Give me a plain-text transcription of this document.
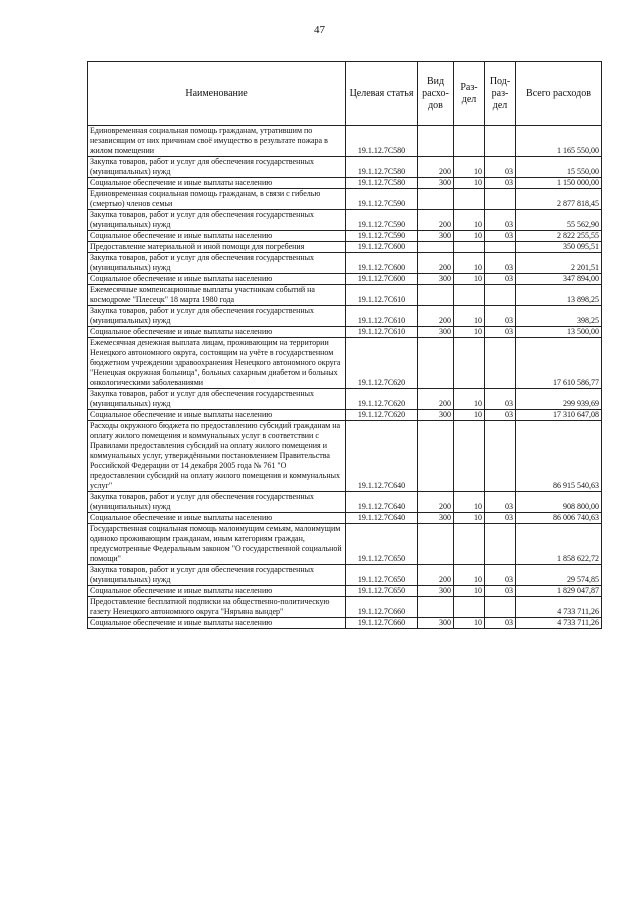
47
Наименование	Целевая статья	Вид расхо-дов	Раз-дел	Под-раз-дел	Всего расходов
Единовременная социальная помощь гражданам, утратившим по независящим от них причинам своё имущество в результате пожара в жилом помещении	19.1.12.7С580				1 165 550,00
Закупка товаров, работ и услуг для обеспечения государственных (муниципальных) нужд	19.1.12.7С580	200	10	03	15 550,00
Социальное обеспечение и иные выплаты населению	19.1.12.7С580	300	10	03	1 150 000,00
Единовременная социальная помощь гражданам, в связи с гибелью (смертью) членов семьи	19.1.12.7С590				2 877 818,45
Закупка товаров, работ и услуг для обеспечения государственных (муниципальных) нужд	19.1.12.7С590	200	10	03	55 562,90
Социальное обеспечение и иные выплаты населению	19.1.12.7С590	300	10	03	2 822 255,55
Предоставление материальной и иной помощи для погребения	19.1.12.7С600				350 095,51
Закупка товаров, работ и услуг для обеспечения государственных (муниципальных) нужд	19.1.12.7С600	200	10	03	2 201,51
Социальное обеспечение и иные выплаты населению	19.1.12.7С600	300	10	03	347 894,00
Ежемесячные компенсационные выплаты участникам событий на космодроме "Плесецк" 18 марта 1980 года	19.1.12.7С610				13 898,25
Закупка товаров, работ и услуг для обеспечения государственных (муниципальных) нужд	19.1.12.7С610	200	10	03	398,25
Социальное обеспечение и иные выплаты населению	19.1.12.7С610	300	10	03	13 500,00
Ежемесячная денежная выплата лицам, проживающим на территории Ненецкого автономного округа, состоящим на учёте в государственном бюджетном учреждении здравоохранения Ненецкого автономного округа "Ненецкая окружная больница", больных сахарным диабетом и больных онкологическими заболеваниями	19.1.12.7С620				17 610 586,77
Закупка товаров, работ и услуг для обеспечения государственных (муниципальных) нужд	19.1.12.7С620	200	10	03	299 939,69
Социальное обеспечение и иные выплаты населению	19.1.12.7С620	300	10	03	17 310 647,08
Расходы окружного бюджета по предоставлению субсидий гражданам на оплату жилого помещения и коммунальных услуг в соответствии с Правилами предоставления субсидий на оплату жилого помещения и коммунальных услуг, утверждёнными постановлением Правительства Российской Федерации от 14 декабря 2005 года № 761 "О предоставлении субсидий на оплату жилого помещения и коммунальных услуг"	19.1.12.7С640				86 915 540,63
Закупка товаров, работ и услуг для обеспечения государственных (муниципальных) нужд	19.1.12.7С640	200	10	03	908 800,00
Социальное обеспечение и иные выплаты населению	19.1.12.7С640	300	10	03	86 006 740,63
Государственная социальная помощь малоимущим семьям, малоимущим одиноко проживающим гражданам, иным категориям граждан, предусмотренные Федеральным законом "О государственной социальной помощи"	19.1.12.7С650				1 858 622,72
Закупка товаров, работ и услуг для обеспечения государственных (муниципальных) нужд	19.1.12.7С650	200	10	03	29 574,85
Социальное обеспечение и иные выплаты населению	19.1.12.7С650	300	10	03	1 829 047,87
Предоставление бесплатной подписки на общественно-политическую газету Ненецкого автономного округа "Няръяна вындер"	19.1.12.7С660				4 733 711,26
Социальное обеспечение и иные выплаты населению	19.1.12.7С660	300	10	03	4 733 711,26
